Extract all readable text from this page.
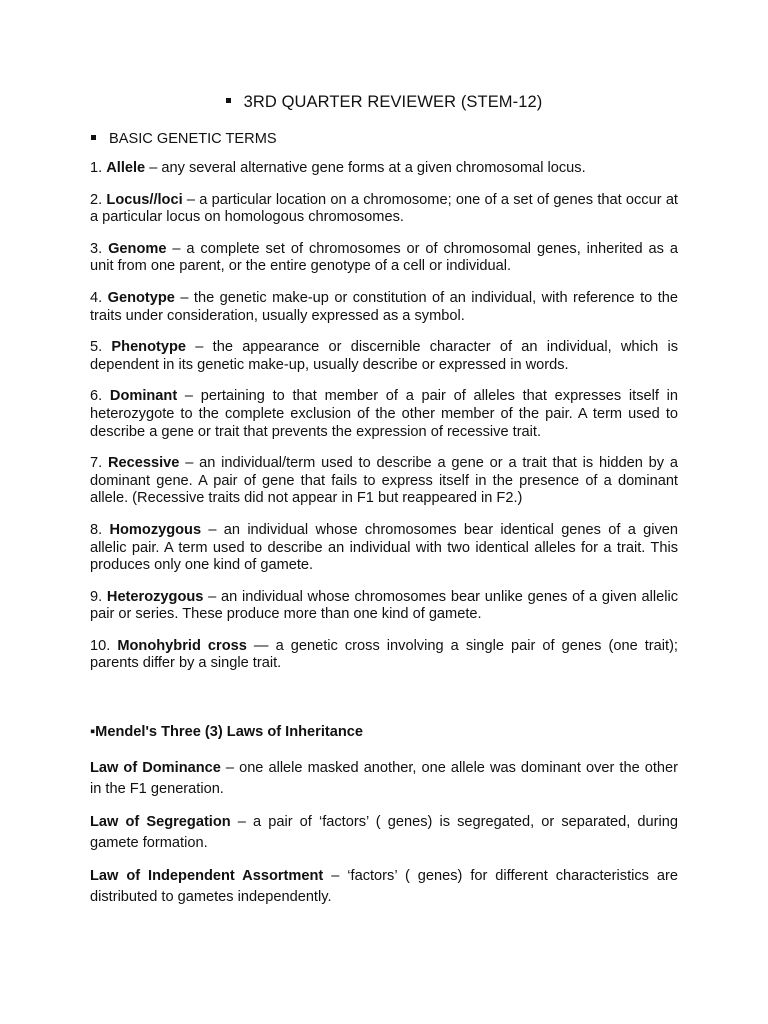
3RD QUARTER REVIEWER (STEM-12)
BASIC GENETIC TERMS

1. Allele – any several alternative gene forms at a given chromosomal locus.

2. Locus//loci – a particular location on a chromosome; one of a set of genes that occur at a particular locus on homologous chromosomes.

3. Genome – a complete set of chromosomes or of chromosomal genes, inherited as a unit from one parent, or the entire genotype of a cell or individual.

4. Genotype – the genetic make-up or constitution of an individual, with reference to the traits under consideration, usually expressed as a symbol.

5. Phenotype – the appearance or discernible character of an individual, which is dependent in its genetic make-up, usually describe or expressed in words.

6. Dominant – pertaining to that member of a pair of alleles that expresses itself in heterozygote to the complete exclusion of the other member of the pair. A term used to describe a gene or trait that prevents the expression of recessive trait.

7. Recessive – an individual/term used to describe a gene or a trait that is hidden by a dominant gene. A pair of gene that fails to express itself in the presence of a dominant allele. (Recessive traits did not appear in F1 but reappeared in F2.)

8. Homozygous – an individual whose chromosomes bear identical genes of a given allelic pair. A term used to describe an individual with two identical alleles for a trait. This produces only one kind of gamete.

9. Heterozygous – an individual whose chromosomes bear unlike genes of a given allelic pair or series. These produce more than one kind of gamete.

10. Monohybrid cross — a genetic cross involving a single pair of genes (one trait); parents differ by a single trait.

▪Mendel's Three (3) Laws of Inheritance

Law of Dominance – one allele masked another, one allele was dominant over the other in the F1 generation.

Law of Segregation – a pair of ‘factors’ ( genes) is segregated, or separated, during gamete formation.

Law of Independent Assortment – ‘factors’ ( genes) for different characteristics are distributed to gametes independently.
